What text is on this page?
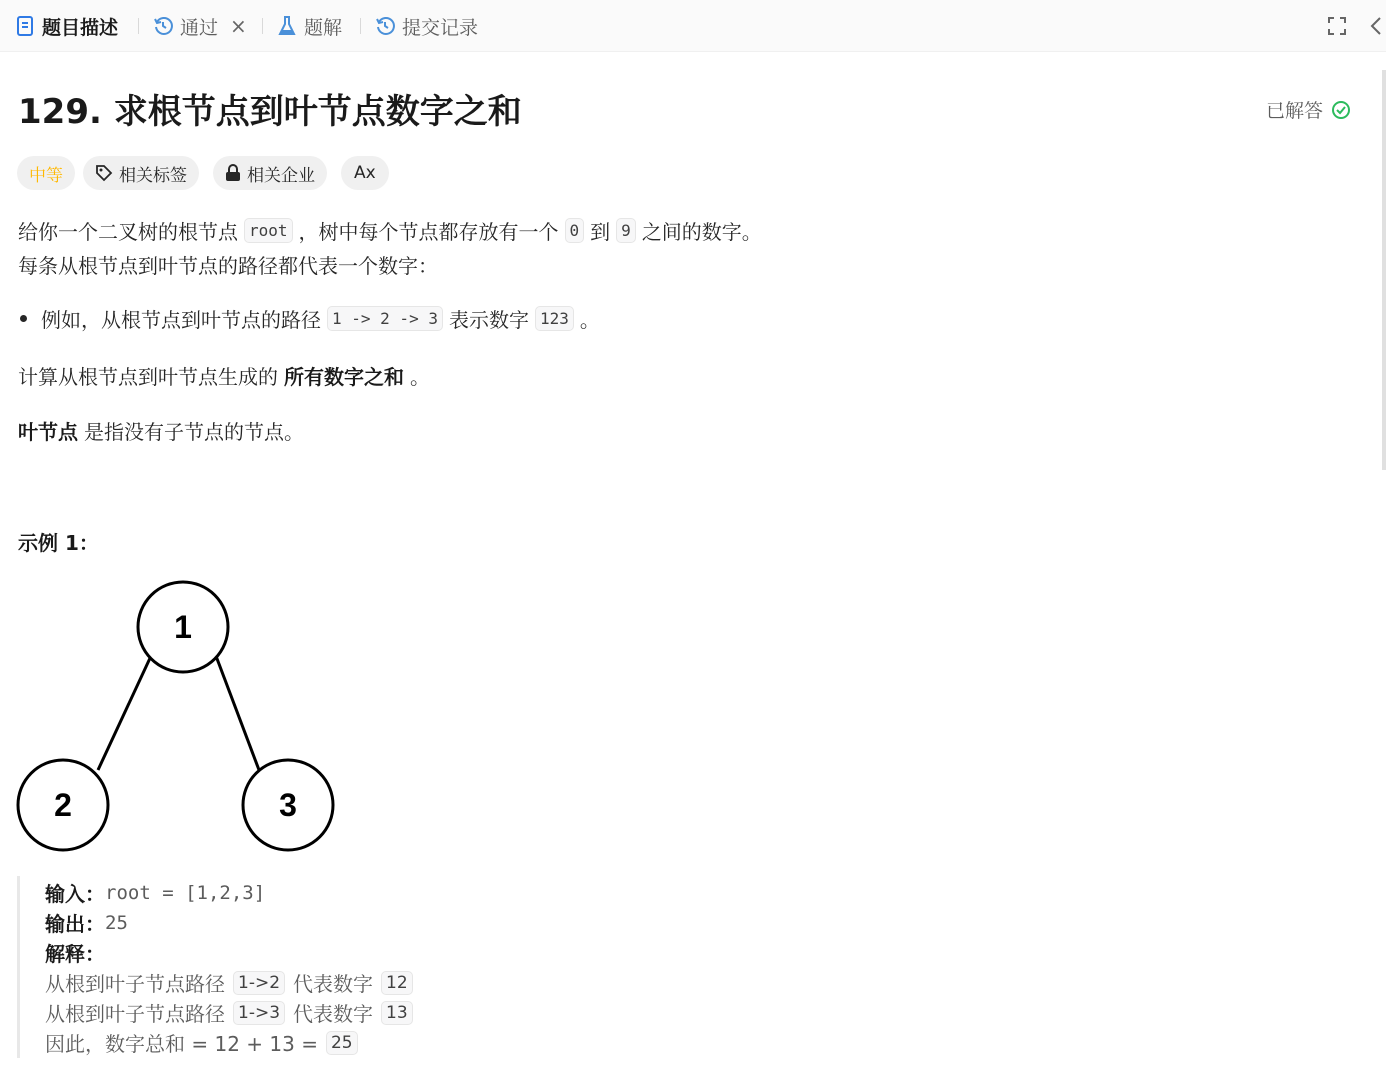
题目描述	通过 ×	题解	提交记录
129. 求根节点到叶节点数字之和	已解答
中等	相关标签	相关企业 Ax
给你一个二叉树的根节点 root ，树中每个节点都存放有一个 0 到 9 之间的数字。
每条从根节点到叶节点的路径都代表一个数字：
例如，从根节点到叶节点的路径 1 -> 2 -> 3 表示数字 123 。
计算从根节点到叶节点生成的 所有数字之和 。
叶节点 是指没有子节点的节点。
示例 1：
1
2	3
输入： root = [1,2,3]
输出： 25
解释：
从根到叶子节点路径 1->2 代表数字 12
从根到叶子节点路径 1->3 代表数字 13
因此，数字总和 = 12 + 13 = 25
